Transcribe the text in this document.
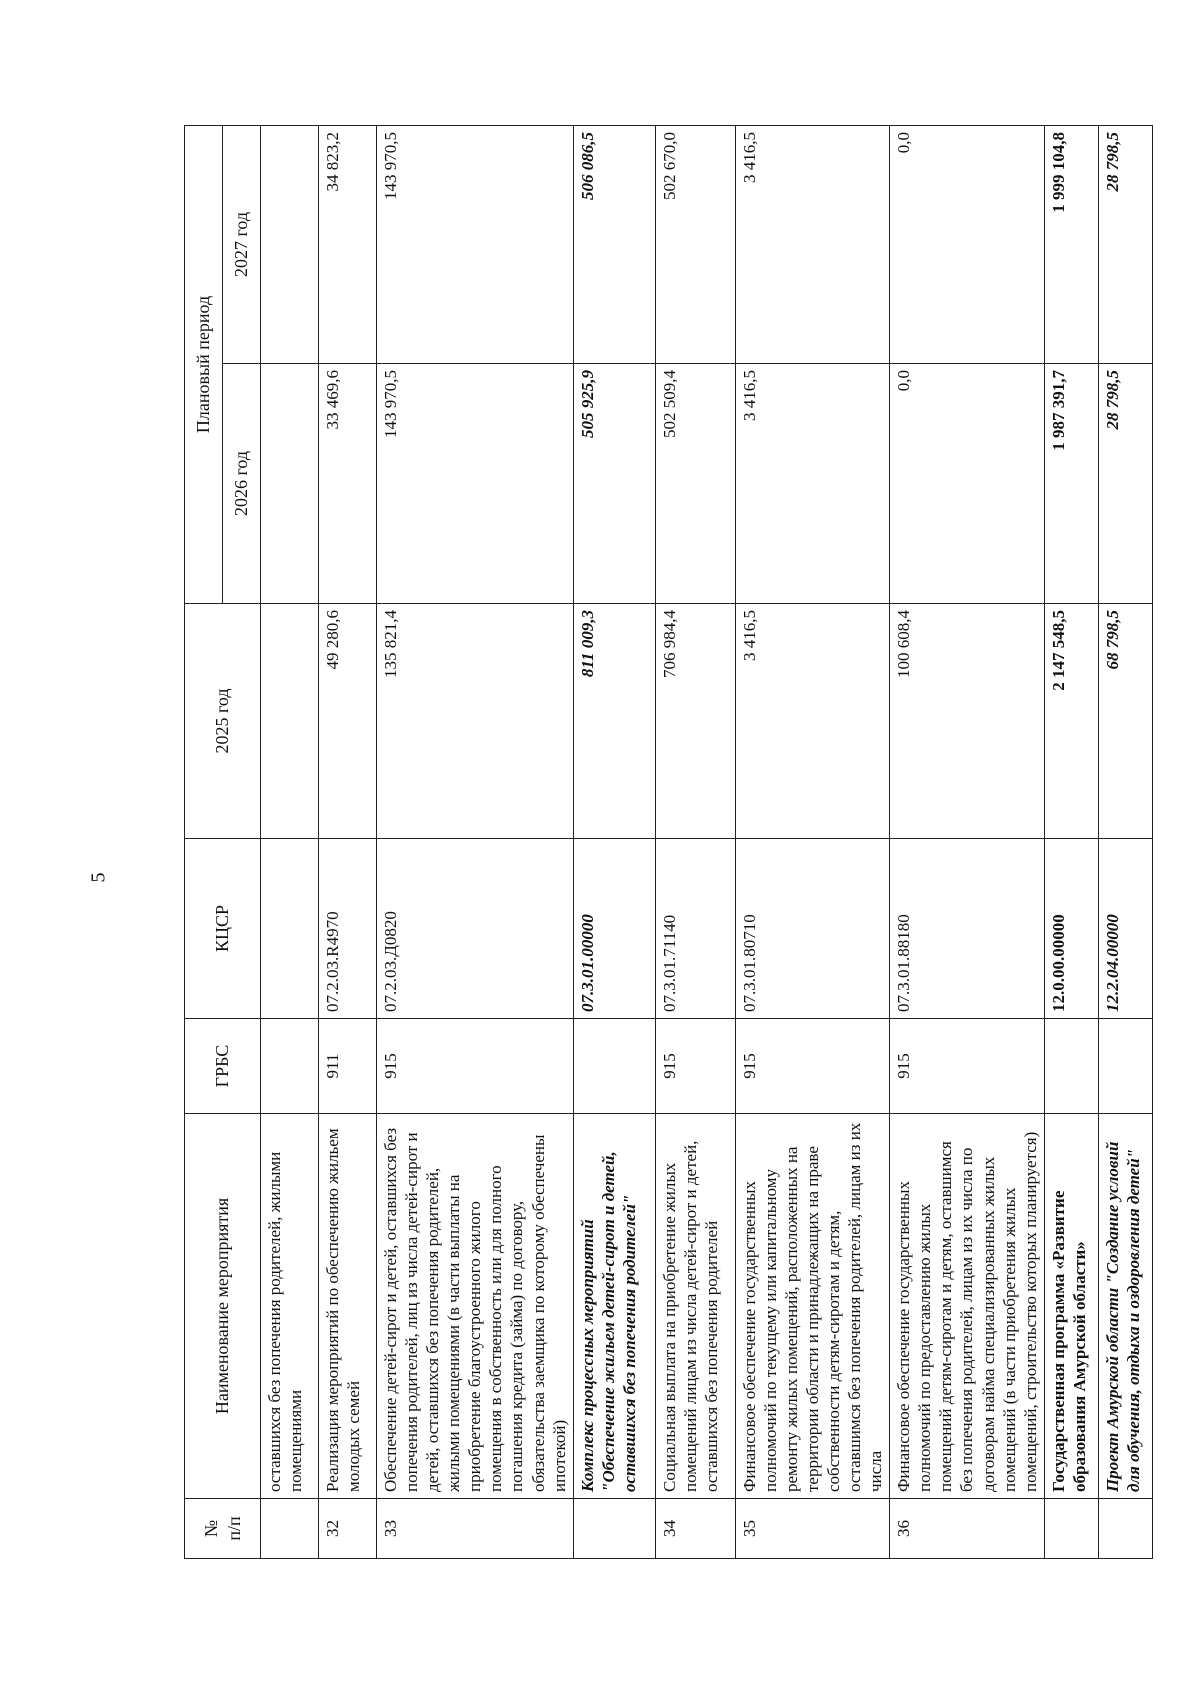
5
№
п/п	Наименование мероприятия	ГРБС	КЦСР	2025 год	Плановый период	
					2026 год	2027 год
	оставшихся без попечения родителей, жилыми помещениями					
32	Реализация мероприятий по обеспечению жильем молодых семей	911	07.2.03.R4970	49 280,6	33 469,6	34 823,2
33	Обеспечение детей-сирот и детей, оставшихся без попечения родителей, лиц из числа детей-сирот и детей, оставшихся без попечения родителей, жилыми помещениями (в части выплаты на приобретение благоустроенного жилого помещения в собственность или для полного погашения кредита (займа) по договору, обязательства заемщика по которому обеспечены ипотекой)	915	07.2.03.Д0820	135 821,4	143 970,5	143 970,5
	Комплекс процессных мероприятий "Обеспечение жильем детей-сирот и детей, оставшихся без попечения родителей"		07.3.01.00000	811 009,3	505 925,9	506 086,5
34	Социальная выплата на приобретение жилых помещений лицам из числа детей-сирот и детей, оставшихся без попечения родителей	915	07.3.01.71140	706 984,4	502 509,4	502 670,0
35	Финансовое обеспечение государственных полномочий по текущему или капитальному ремонту жилых помещений, расположенных на территории области и принадлежащих на праве собственности детям-сиротам и детям, оставшимся без попечения родителей, лицам из их числа	915	07.3.01.80710	3 416,5	3 416,5	3 416,5
36	Финансовое обеспечение государственных полномочий по предоставлению жилых помещений детям-сиротам и детям, оставшимся без попечения родителей, лицам из их числа по договорам найма специализированных жилых помещений (в части приобретения жилых помещений, строительство которых планируется)	915	07.3.01.88180	100 608,4	0,0	0,0
	Государственная программа «Развитие образования Амурской области»		12.0.00.00000	2 147 548,5	1 987 391,7	1 999 104,8
	Проект Амурской области "Создание условий для обучения, отдыха и оздоровления детей"		12.2.04.00000	68 798,5	28 798,5	28 798,5
